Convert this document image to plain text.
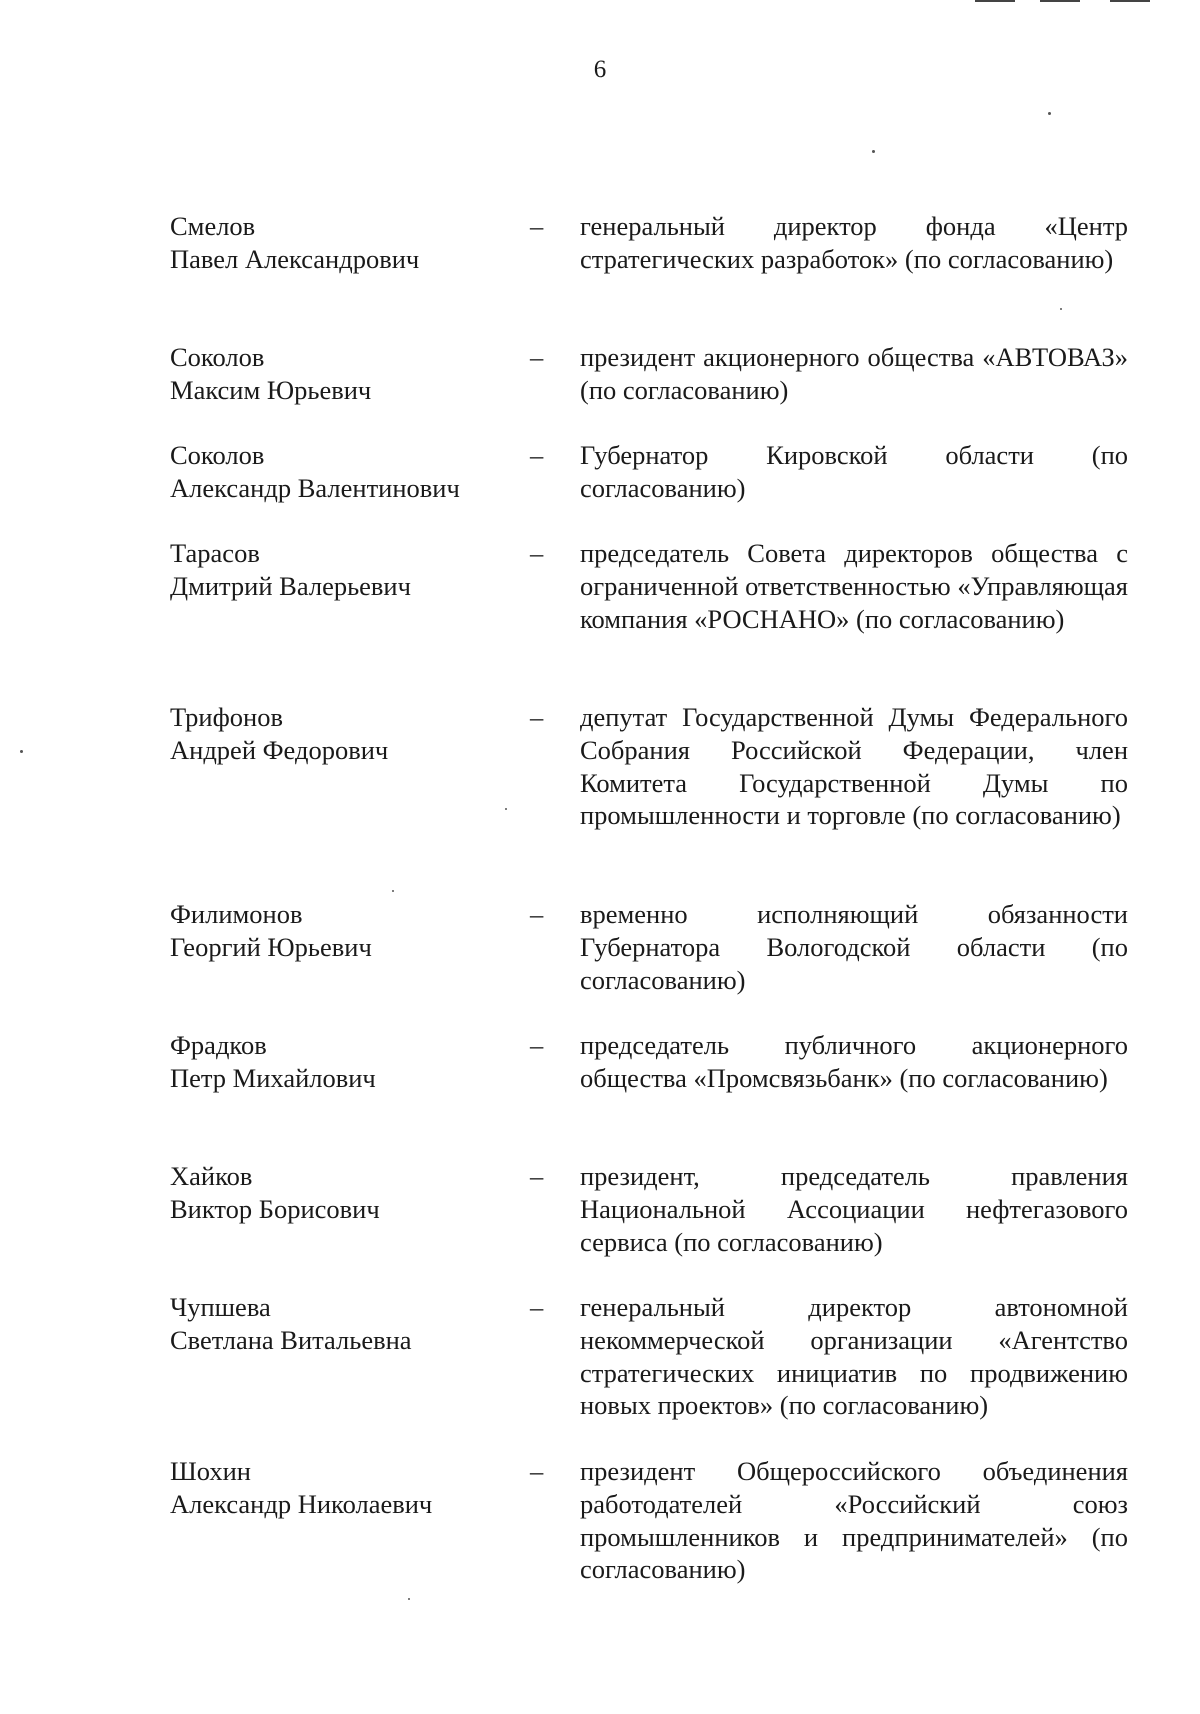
6
Смелов
Павел Александрович
– генеральный директор фонда «Центр стратегических разработок» (по согласованию)
Соколов
Максим Юрьевич
– президент акционерного общества «АВТОВАЗ» (по согласованию)
Соколов
Александр Валентинович
– Губернатор Кировской области (по согласованию)
Тарасов
Дмитрий Валерьевич
– председатель Совета директоров общества с ограниченной ответственностью «Управляющая компания «РОСНАНО» (по согласованию)
Трифонов
Андрей Федорович
– депутат Государственной Думы Федерального Собрания Российской Федерации, член Комитета Государственной Думы по промышленности и торговле (по согласованию)
Филимонов
Георгий Юрьевич
– временно исполняющий обязанности Губернатора Вологодской области (по согласованию)
Фрадков
Петр Михайлович
– председатель публичного акционерного общества «Промсвязьбанк» (по согласованию)
Хайков
Виктор Борисович
– президент, председатель правления Национальной Ассоциации нефтегазового сервиса (по согласованию)
Чупшева
Светлана Витальевна
– генеральный директор автономной некоммерческой организации «Агентство стратегических инициатив по продвижению новых проектов» (по согласованию)
Шохин
Александр Николаевич
– президент Общероссийского объединения работодателей «Российский союз промышленников и предпринимателей» (по согласованию)
